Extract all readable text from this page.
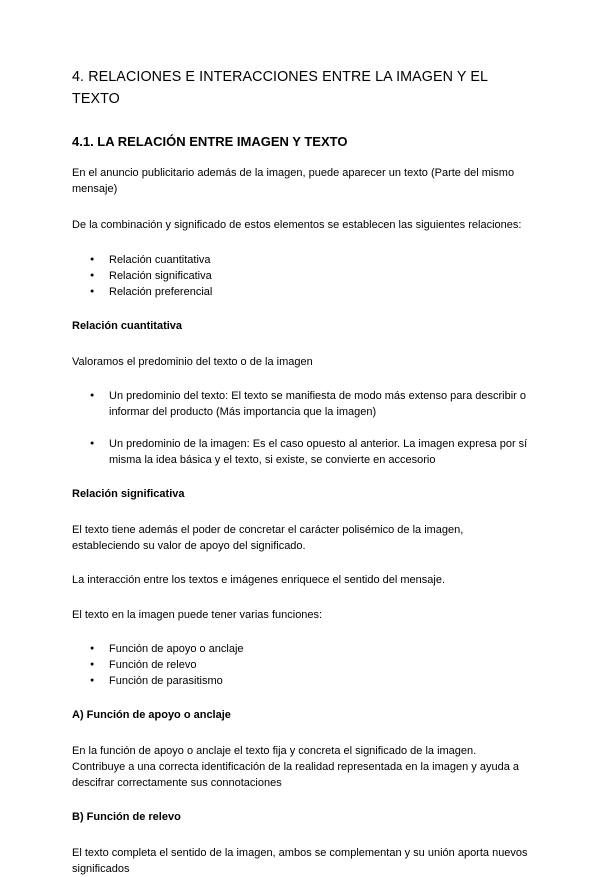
4. RELACIONES E INTERACCIONES ENTRE LA IMAGEN Y EL TEXTO
4.1. LA RELACIÓN ENTRE IMAGEN Y TEXTO

En el anuncio publicitario además de la imagen, puede aparecer un texto (Parte del mismo mensaje)

De la combinación y significado de estos elementos se establecen las siguientes relaciones:

● Relación cuantitativa
● Relación significativa
● Relación preferencial
Relación cuantitativa

Valoramos el predominio del texto o de la imagen

● Un predominio del texto: El texto se manifiesta de modo más extenso para describir o informar del producto (Más importancia que la imagen)
● Un predominio de la imagen: Es el caso opuesto al anterior. La imagen expresa por sí misma la idea básica y el texto, si existe, se convierte en accesorio
Relación significativa

El texto tiene además el poder de concretar el carácter polisémico de la imagen, estableciendo su valor de apoyo del significado.

La interacción entre los textos e imágenes enriquece el sentido del mensaje.

El texto en la imagen puede tener varias funciones:

● Función de apoyo o anclaje
● Función de relevo
● Función de parasitismo
A) Función de apoyo o anclaje

En la función de apoyo o anclaje el texto fija y concreta el significado de la imagen. Contribuye a una correcta identificación de la realidad representada en la imagen y ayuda a descifrar correctamente sus connotaciones

B) Función de relevo

El texto completa el sentido de la imagen, ambos se complementan y su unión aporta nuevos significados
